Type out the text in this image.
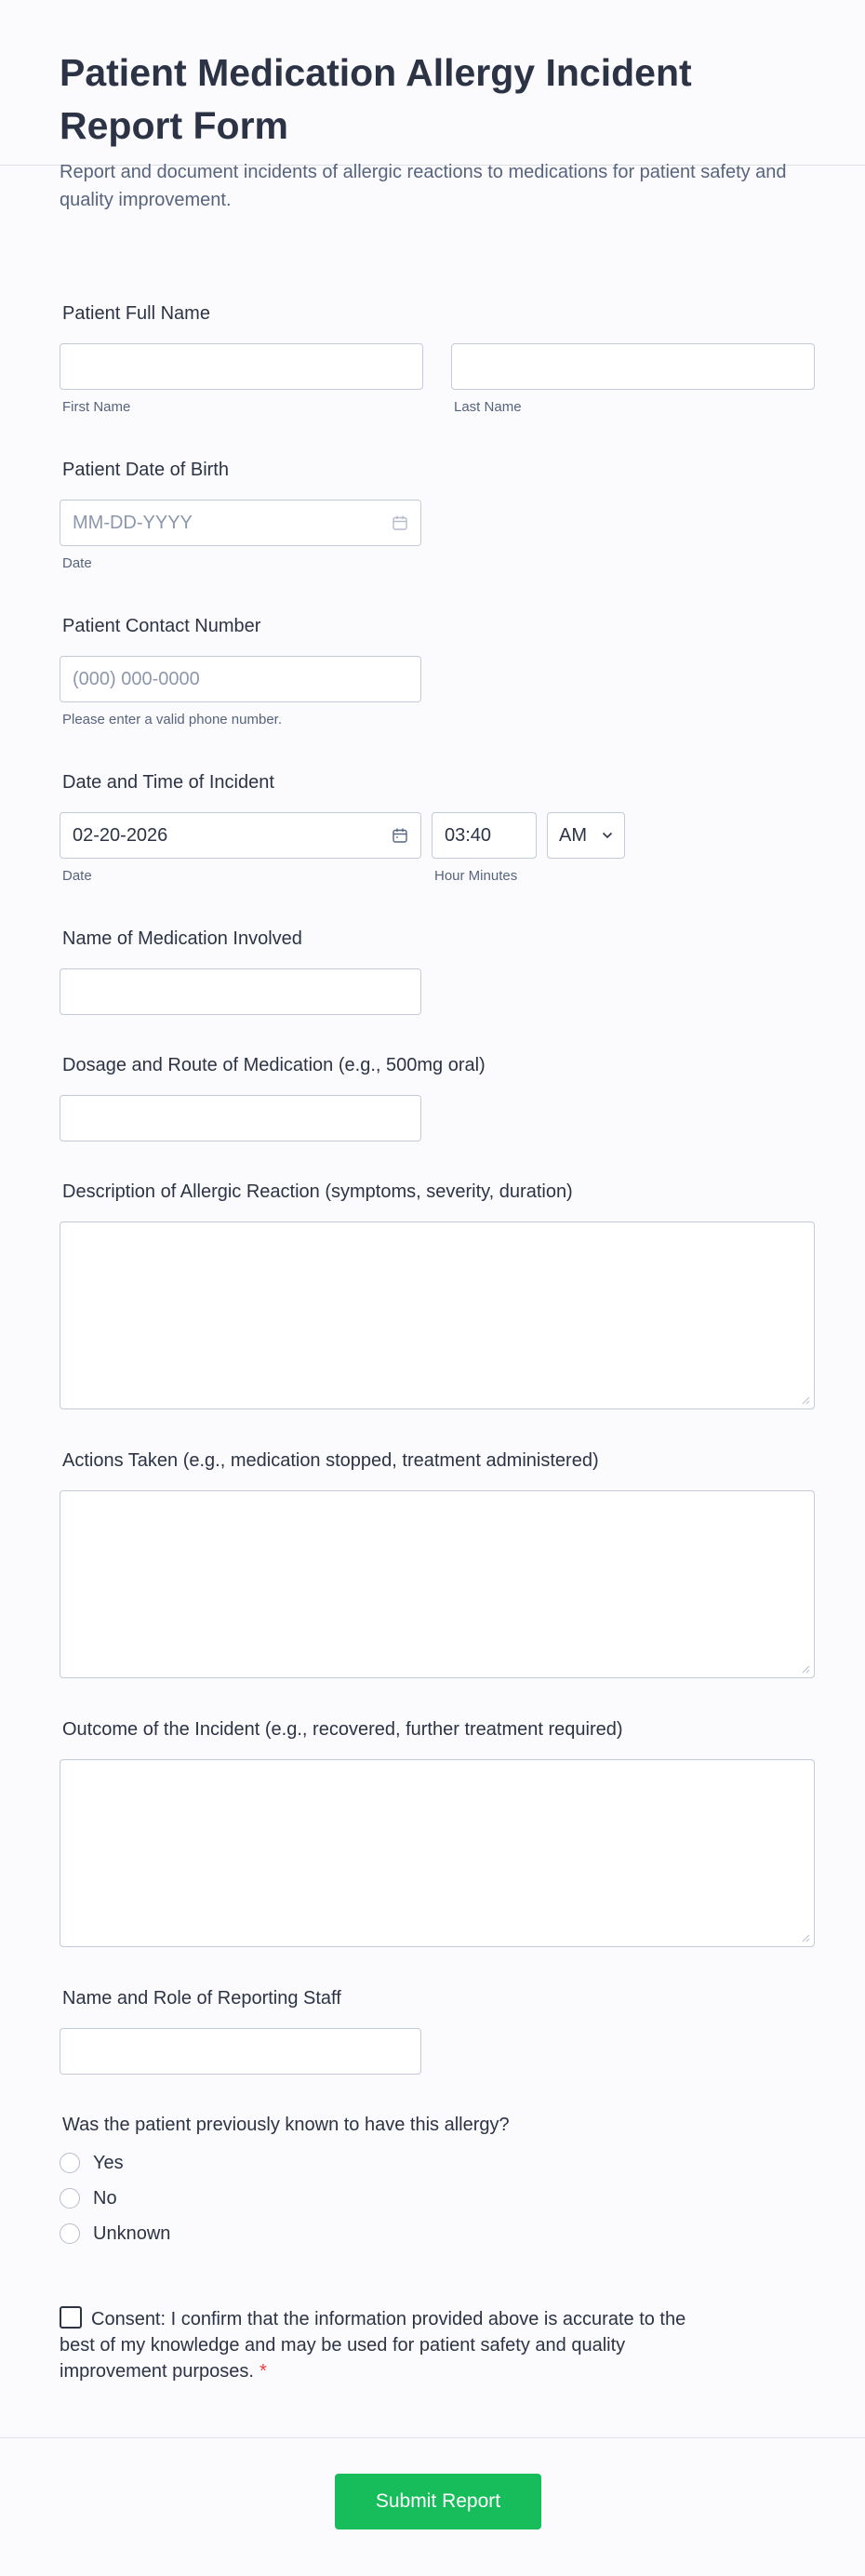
Patient Medication Allergy Incident Report Form

Report and document incidents of allergic reactions to medications for patient safety and quality improvement.

Patient Full Name
First Name	Last Name
Patient Date of Birth
MM-DD-YYYY
Date
Patient Contact Number
(000) 000-0000
Please enter a valid phone number.
Date and Time of Incident
02-20-2026
Date
03:40
Hour Minutes
AM
Name of Medication Involved
Dosage and Route of Medication (e.g., 500mg oral)
Description of Allergic Reaction (symptoms, severity, duration)
Actions Taken (e.g., medication stopped, treatment administered)
Outcome of the Incident (e.g., recovered, further treatment required)
Name and Role of Reporting Staff
Was the patient previously known to have this allergy?
Yes
No
Unknown
Consent: I confirm that the information provided above is accurate to the best of my knowledge and may be used for patient safety and quality improvement purposes. *
Submit Report
